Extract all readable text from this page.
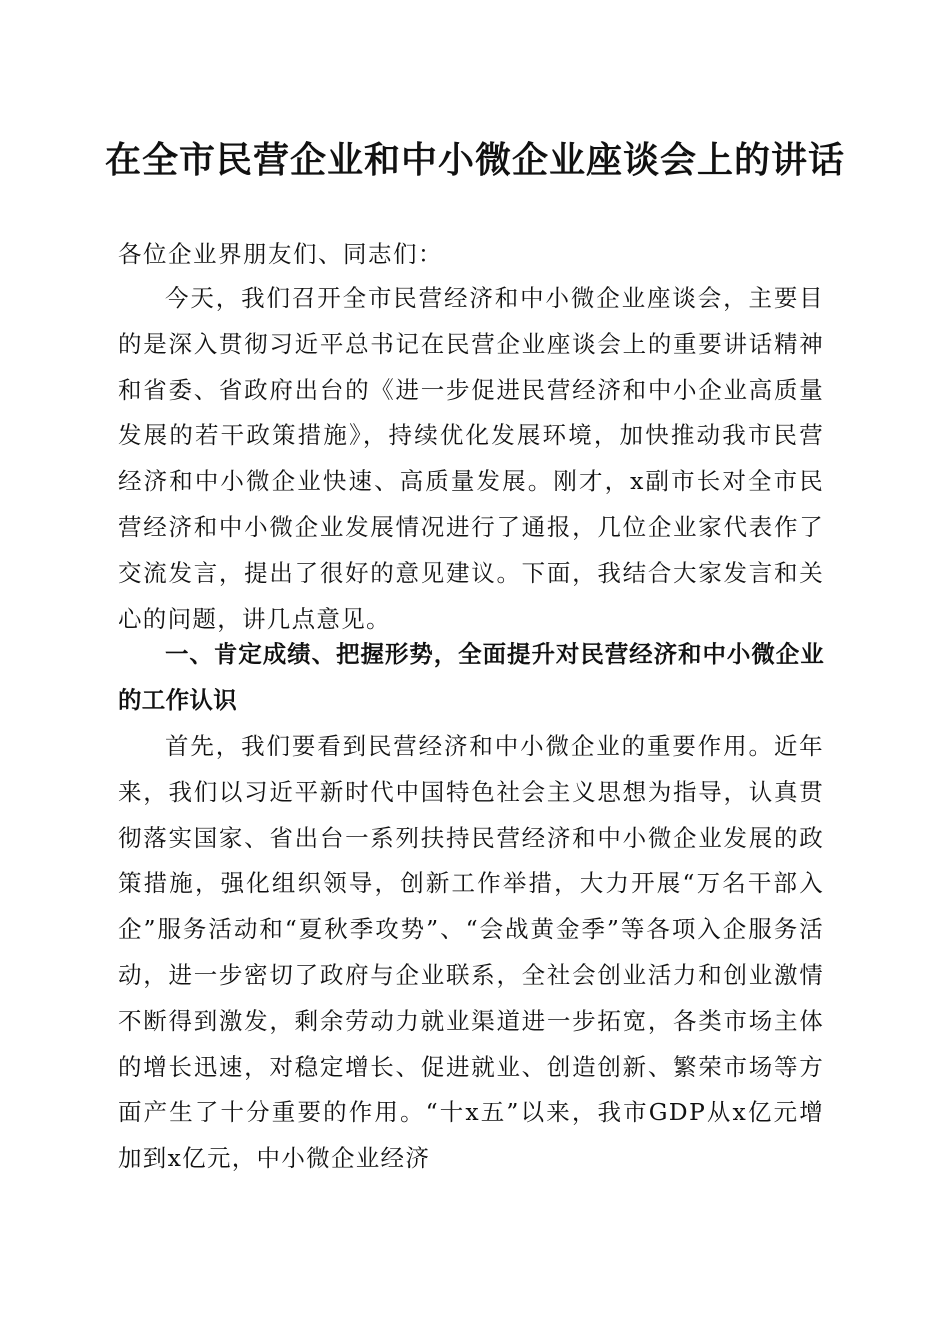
在全市民营企业和中小微企业座谈会上的讲话
各位企业界朋友们、同志们：

今天，我们召开全市民营经济和中小微企业座谈会，主要目的是深入贯彻习近平总书记在民营企业座谈会上的重要讲话精神和省委、省政府出台的《进一步促进民营经济和中小企业高质量发展的若干政策措施》，持续优化发展环境，加快推动我市民营经济和中小微企业快速、高质量发展。刚才，x副市长对全市民营经济和中小微企业发展情况进行了通报，几位企业家代表作了交流发言，提出了很好的意见建议。下面，我结合大家发言和关心的问题，讲几点意见。

一、肯定成绩、把握形势，全面提升对民营经济和中小微企业的工作认识

首先，我们要看到民营经济和中小微企业的重要作用。近年来，我们以习近平新时代中国特色社会主义思想为指导，认真贯彻落实国家、省出台一系列扶持民营经济和中小微企业发展的政策措施，强化组织领导，创新工作举措，大力开展“万名干部入企”服务活动和“夏秋季攻势”、“会战黄金季”等各项入企服务活动，进一步密切了政府与企业联系，全社会创业活力和创业激情不断得到激发，剩余劳动力就业渠道进一步拓宽，各类市场主体的增长迅速，对稳定增长、促进就业、创造创新、繁荣市场等方面产生了十分重要的作用。“十x五”以来，我市GDP从x亿元增加到x亿元，中小微企业经济
